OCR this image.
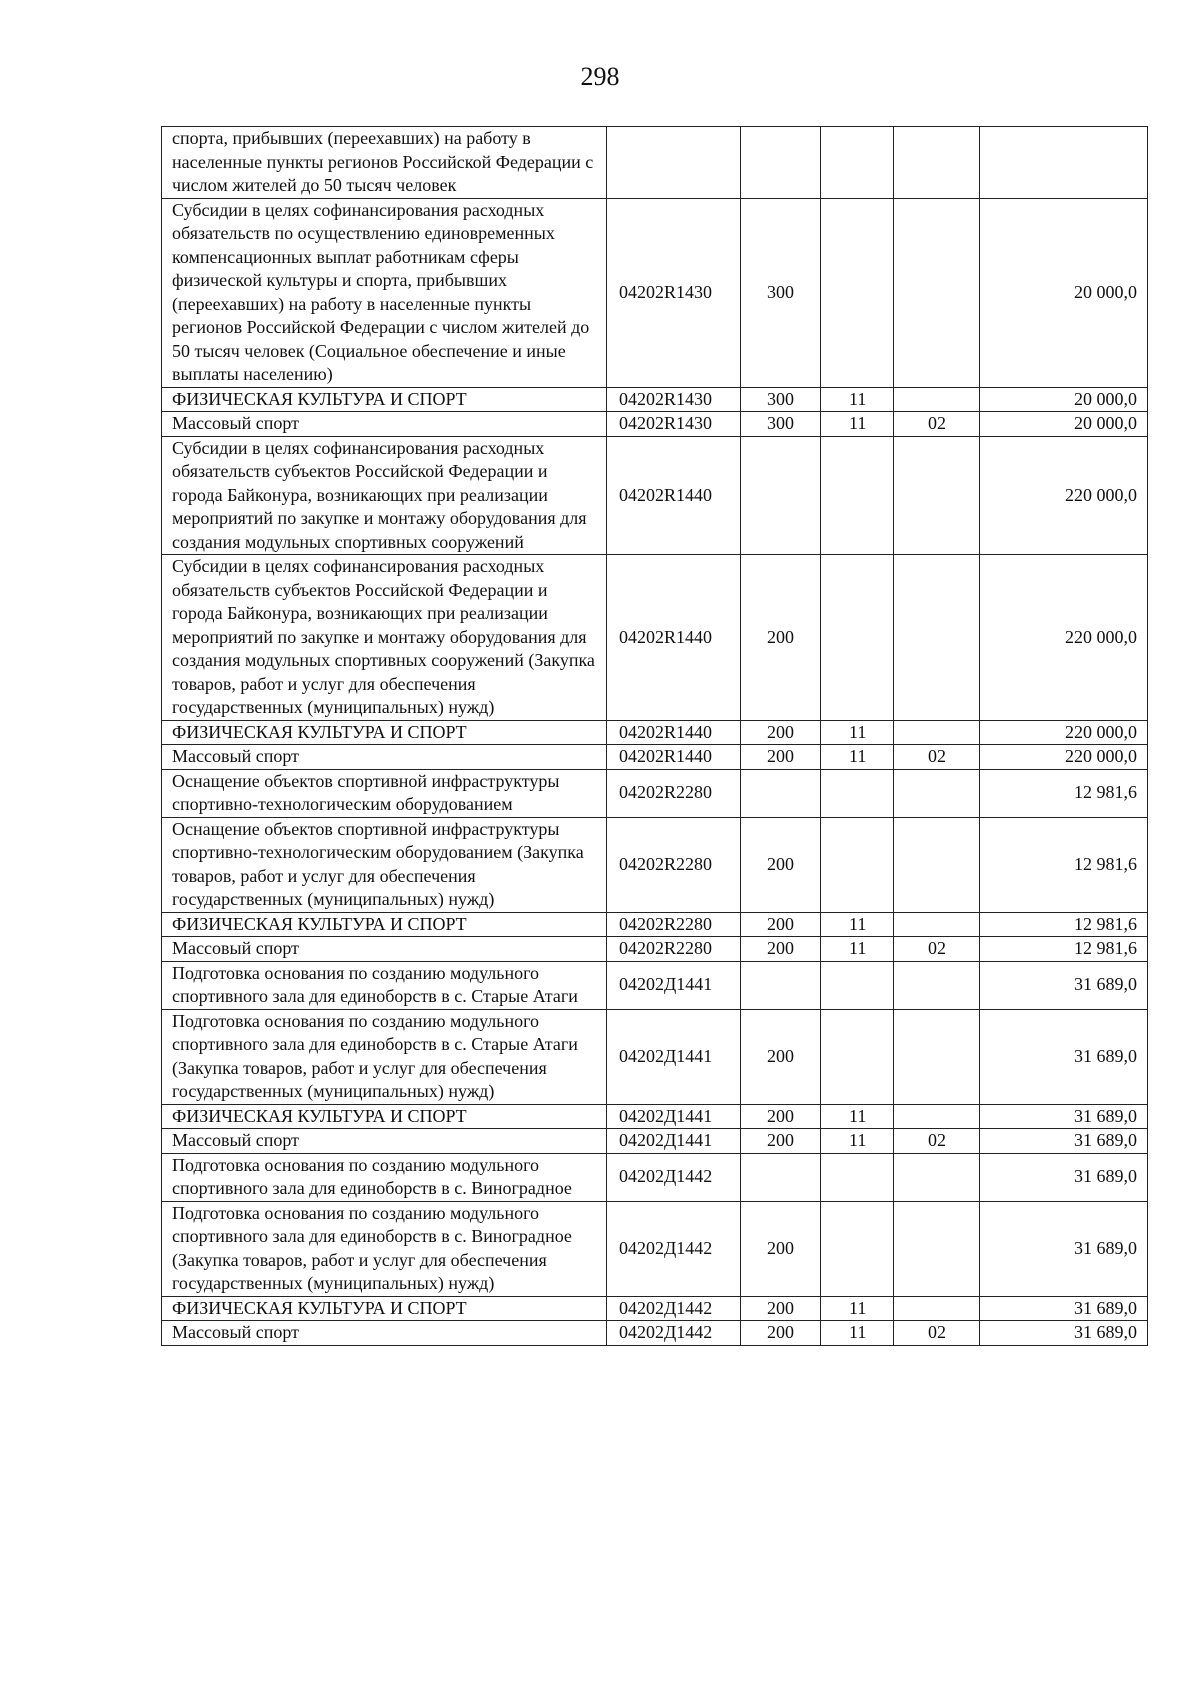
298
спорта, прибывших (переехавших) на работу в населенные пункты регионов Российской Федерации с числом жителей до 50 тысяч человек					
Субсидии в целях софинансирования расходных обязательств по осуществлению единовременных компенсационных выплат работникам сферы физической культуры и спорта, прибывших (переехавших) на работу в населенные пункты регионов Российской Федерации с числом жителей до 50 тысяч человек (Социальное обеспечение и иные выплаты населению)	04202R1430	300			20 000,0
ФИЗИЧЕСКАЯ КУЛЬТУРА И СПОРТ	04202R1430	300	11		20 000,0
Массовый спорт	04202R1430	300	11	02	20 000,0
Субсидии в целях софинансирования расходных обязательств субъектов Российской Федерации и города Байконура, возникающих при реализации мероприятий по закупке и монтажу оборудования для создания модульных спортивных сооружений	04202R1440				220 000,0
Субсидии в целях софинансирования расходных обязательств субъектов Российской Федерации и города Байконура, возникающих при реализации мероприятий по закупке и монтажу оборудования для создания модульных спортивных сооружений (Закупка товаров, работ и услуг для обеспечения государственных (муниципальных) нужд)	04202R1440	200			220 000,0
ФИЗИЧЕСКАЯ КУЛЬТУРА И СПОРТ	04202R1440	200	11		220 000,0
Массовый спорт	04202R1440	200	11	02	220 000,0
Оснащение объектов спортивной инфраструктуры спортивно-технологическим оборудованием	04202R2280				12 981,6
Оснащение объектов спортивной инфраструктуры спортивно-технологическим оборудованием (Закупка товаров, работ и услуг для обеспечения государственных (муниципальных) нужд)	04202R2280	200			12 981,6
ФИЗИЧЕСКАЯ КУЛЬТУРА И СПОРТ	04202R2280	200	11		12 981,6
Массовый спорт	04202R2280	200	11	02	12 981,6
Подготовка основания по созданию модульного спортивного зала для единоборств в с. Старые Атаги	04202Д1441				31 689,0
Подготовка основания по созданию модульного спортивного зала для единоборств в с. Старые Атаги (Закупка товаров, работ и услуг для обеспечения государственных (муниципальных) нужд)	04202Д1441	200			31 689,0
ФИЗИЧЕСКАЯ КУЛЬТУРА И СПОРТ	04202Д1441	200	11		31 689,0
Массовый спорт	04202Д1441	200	11	02	31 689,0
Подготовка основания по созданию модульного спортивного зала для единоборств в с. Виноградное	04202Д1442				31 689,0
Подготовка основания по созданию модульного спортивного зала для единоборств в с. Виноградное (Закупка товаров, работ и услуг для обеспечения государственных (муниципальных) нужд)	04202Д1442	200			31 689,0
ФИЗИЧЕСКАЯ КУЛЬТУРА И СПОРТ	04202Д1442	200	11		31 689,0
Массовый спорт	04202Д1442	200	11	02	31 689,0
